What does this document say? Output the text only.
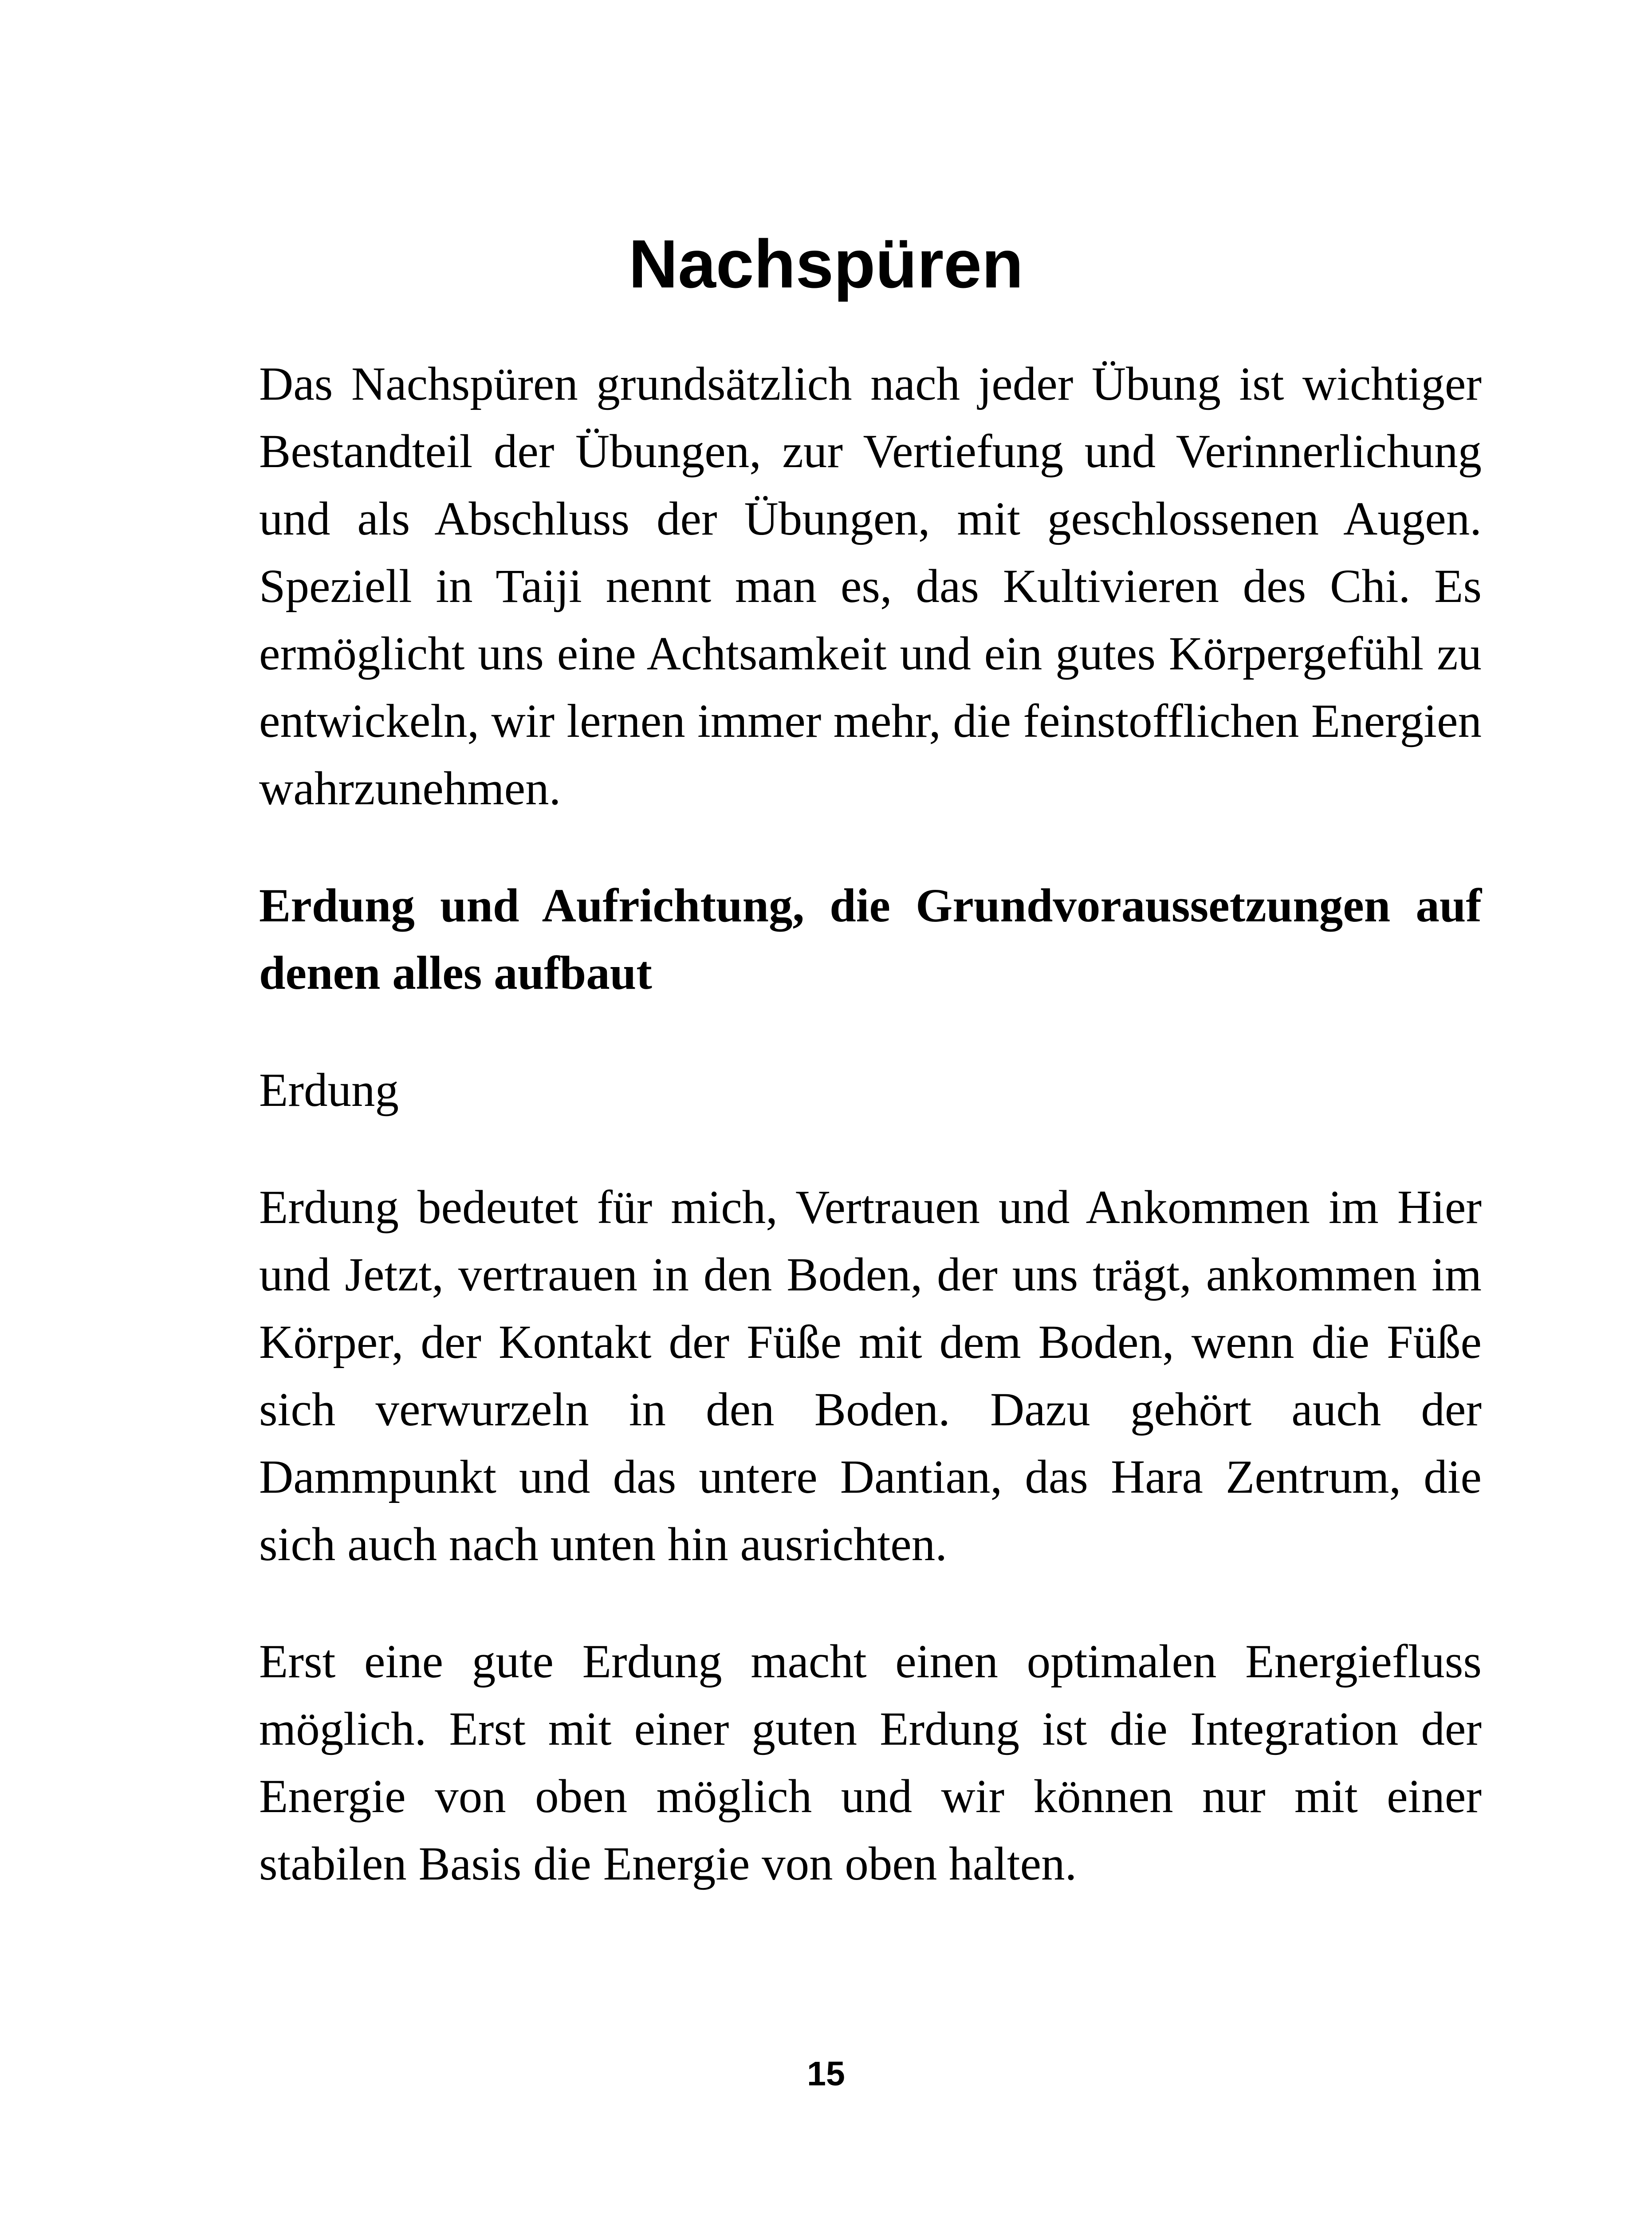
Nachspüren

Das Nachspüren grundsätzlich nach jeder Übung ist wichtiger Bestandteil der Übungen, zur Vertiefung und Verinnerlichung und als Abschluss der Übungen, mit geschlossenen Augen. Speziell in Taiji nennt man es, das Kultivieren des Chi. Es ermöglicht uns eine Achtsamkeit und ein gutes Körpergefühl zu entwickeln, wir lernen immer mehr, die feinstofflichen Energien wahrzunehmen.

Erdung und Aufrichtung, die Grundvoraussetzungen auf denen alles aufbaut

Erdung

Erdung bedeutet für mich, Vertrauen und Ankommen im Hier und Jetzt, vertrauen in den Boden, der uns trägt, ankommen im Körper, der Kontakt der Füße mit dem Boden, wenn die Füße sich verwurzeln in den Boden. Dazu gehört auch der Dammpunkt und das untere Dantian, das Hara Zentrum, die sich auch nach unten hin ausrichten.

Erst eine gute Erdung macht einen optimalen Energiefluss möglich. Erst mit einer guten Erdung ist die Integration der Energie von oben möglich und wir können nur mit einer stabilen Basis die Energie von oben halten.

15
